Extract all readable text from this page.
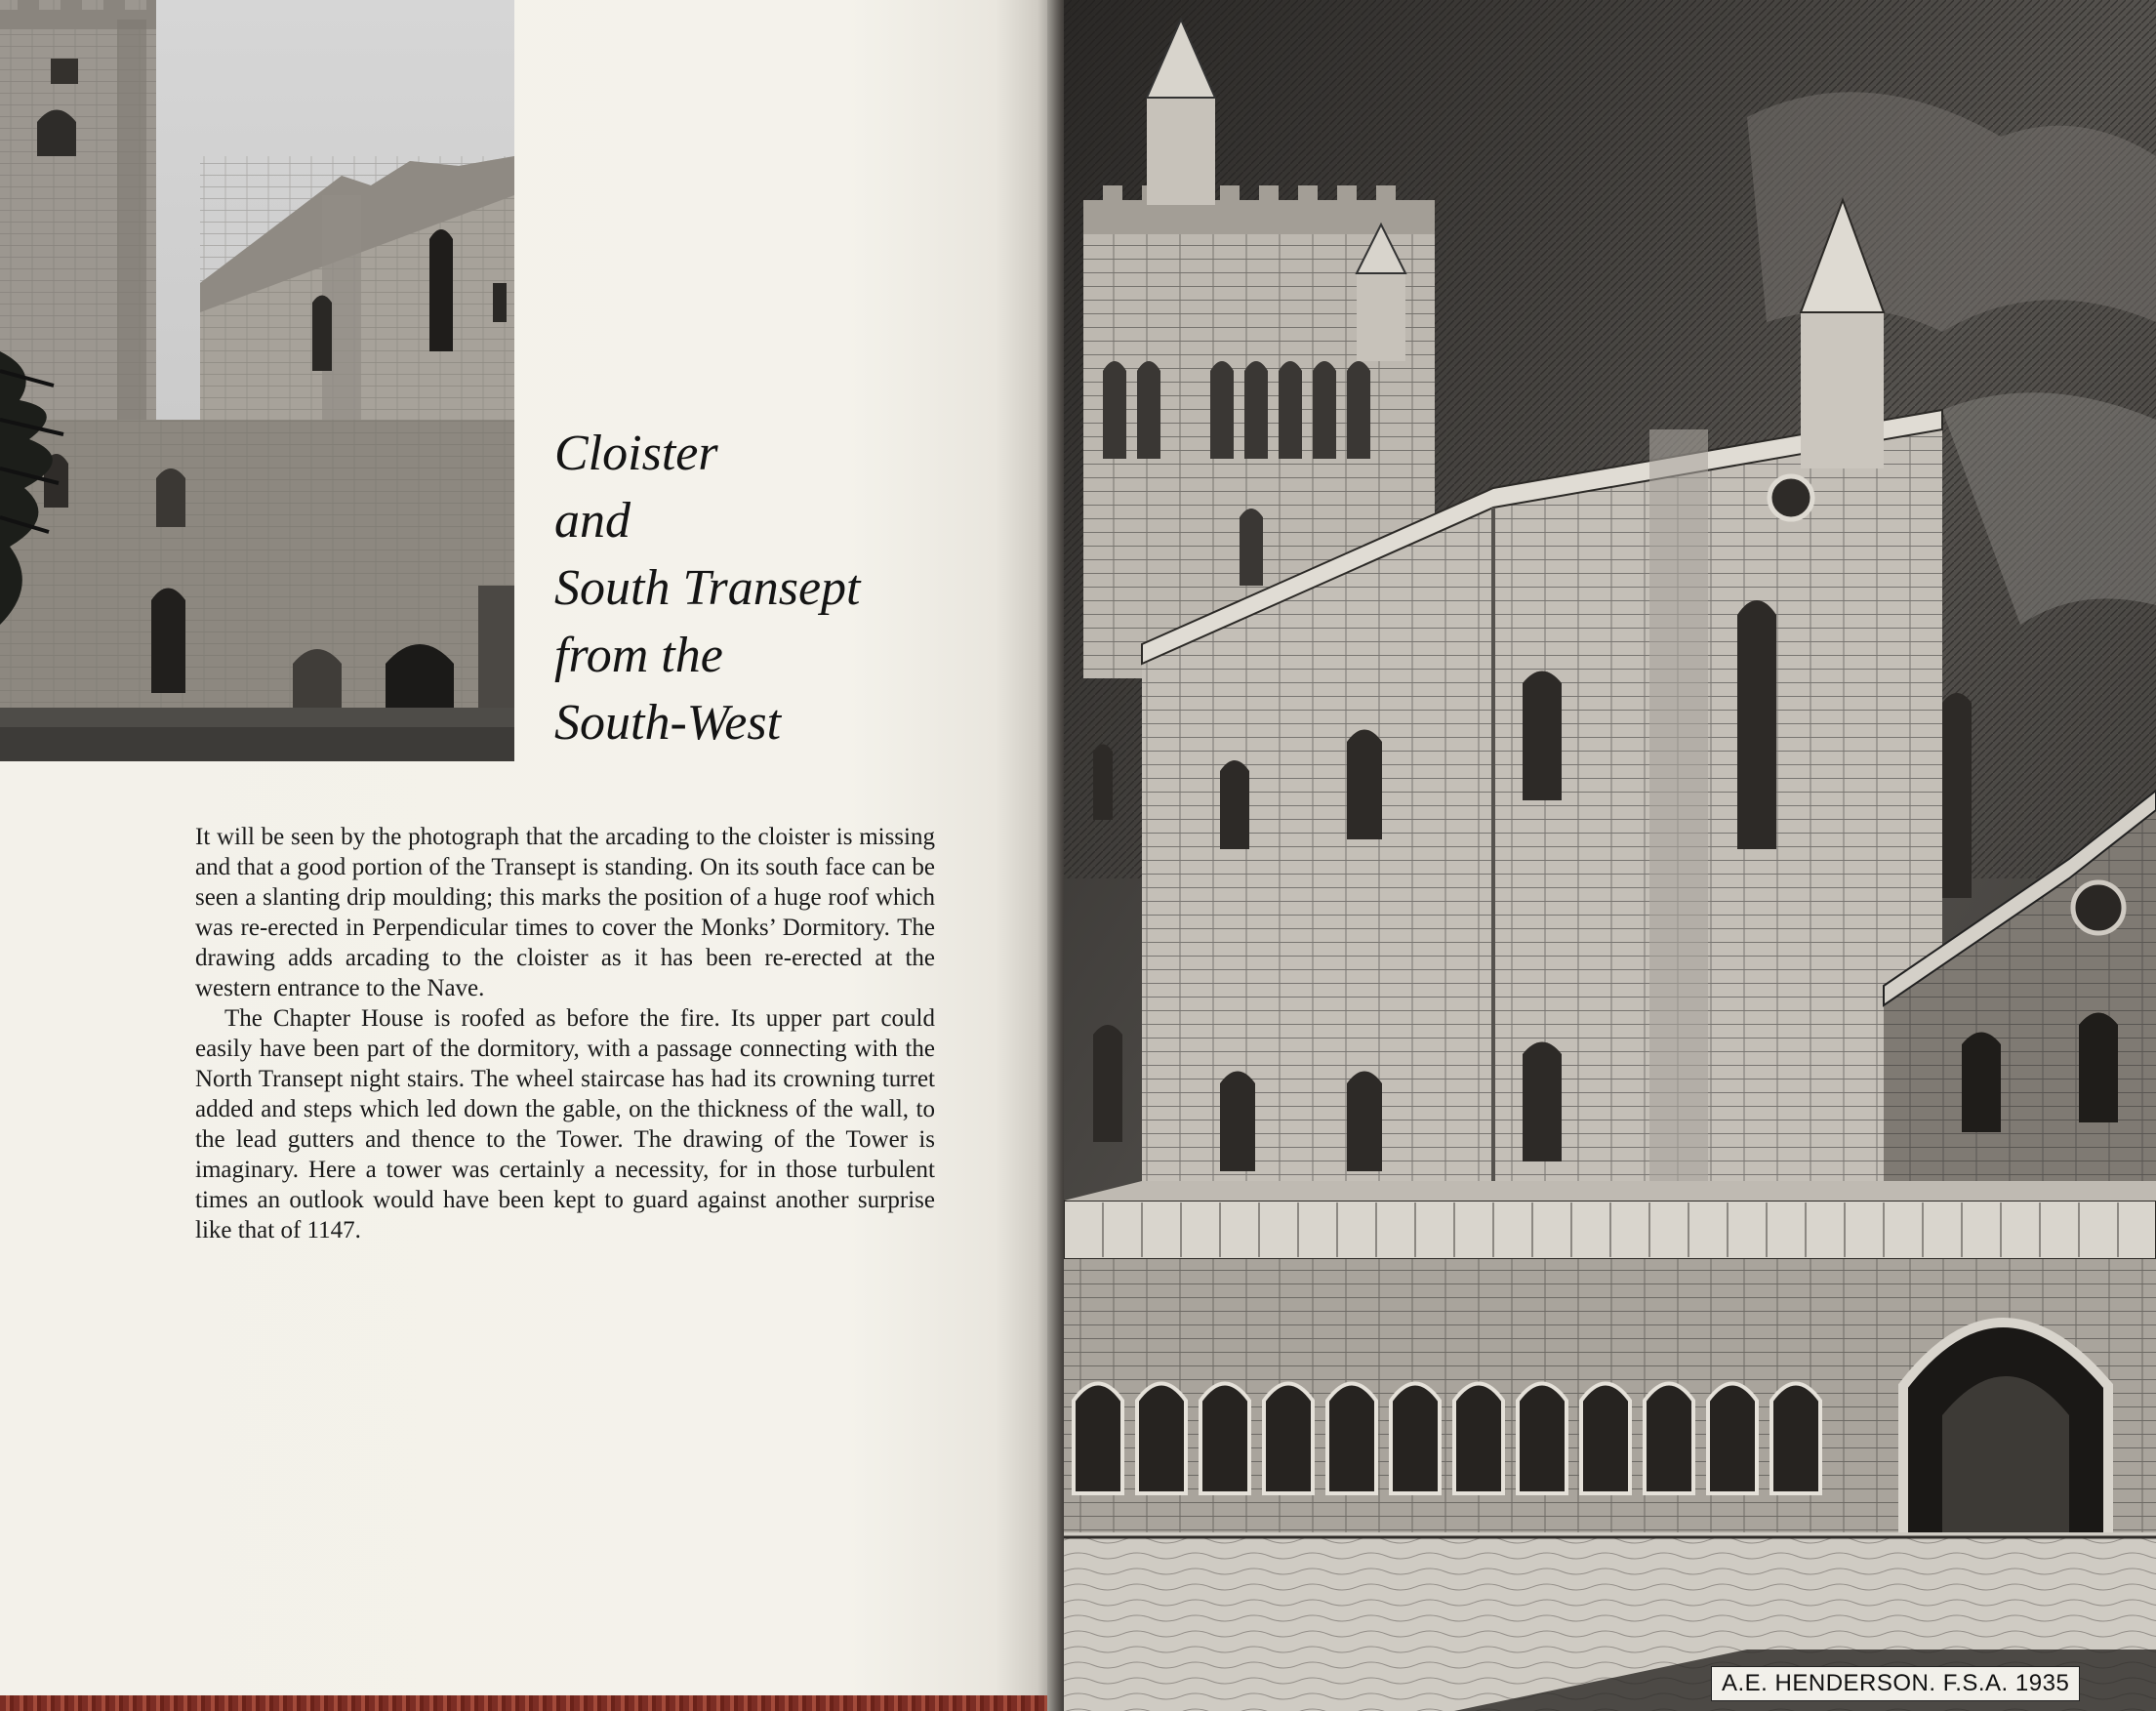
Cloister
and
South Transept
from the
South-West

It will be seen by the photograph that the arcading to the cloister is missing and that a good portion of the Transept is standing. On its south face can be seen a slanting drip moulding; this marks the position of a huge roof which was re-erected in Perpendicular times to cover the Monks’ Dormitory. The drawing adds arcading to the cloister as it has been re-erected at the western entrance to the Nave.

The Chapter House is roofed as before the fire. Its upper part could easily have been part of the dormitory, with a passage connecting with the North Transept night stairs. The wheel staircase has had its crowning turret added and steps which led down the gable, on the thickness of the wall, to the lead gutters and thence to the Tower. The drawing of the Tower is imaginary. Here a tower was certainly a necessity, for in those turbulent times an outlook would have been kept to guard against another surprise like that of 1147.

A.E. HENDERSON. F.S.A. 1935
